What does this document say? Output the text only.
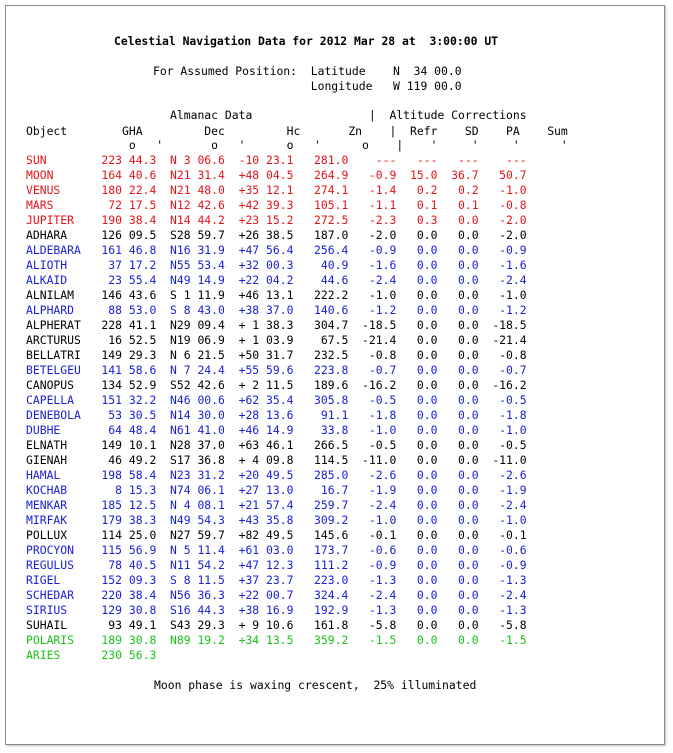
Celestial Navigation Data for 2012 Mar 28 at  3:00:00 UT
For Assumed Position:  Latitude    N  34 00.0
Longitude   W 119 00.0
Almanac Data                 |  Altitude Corrections
Object        GHA         Dec         Hc       Zn    |  Refr    SD    PA    Sum
o   '       o   '      o   '      o    |    '     '     '      '
SUN        223 44.3  N 3 06.6  -10 23.1   281.0    ---   ---   ---    ---
MOON       164 40.6  N21 31.4  +48 04.5   264.9   -0.9  15.0  36.7   50.7
VENUS      180 22.4  N21 48.0  +35 12.1   274.1   -1.4   0.2   0.2   -1.0
MARS        72 17.5  N12 42.6  +42 39.3   105.1   -1.1   0.1   0.1   -0.8
JUPITER    190 38.4  N14 44.2  +23 15.2   272.5   -2.3   0.3   0.0   -2.0
ADHARA     126 09.5  S28 59.7  +26 38.5   187.0   -2.0   0.0   0.0   -2.0
ALDEBARA   161 46.8  N16 31.9  +47 56.4   256.4   -0.9   0.0   0.0   -0.9
ALIOTH      37 17.2  N55 53.4  +32 00.3    40.9   -1.6   0.0   0.0   -1.6
ALKAID      23 55.4  N49 14.9  +22 04.2    44.6   -2.4   0.0   0.0   -2.4
ALNILAM    146 43.6  S 1 11.9  +46 13.1   222.2   -1.0   0.0   0.0   -1.0
ALPHARD     88 53.0  S 8 43.0  +38 37.0   140.6   -1.2   0.0   0.0   -1.2
ALPHERAT   228 41.1  N29 09.4  + 1 38.3   304.7  -18.5   0.0   0.0  -18.5
ARCTURUS    16 52.5  N19 06.9  + 1 03.9    67.5  -21.4   0.0   0.0  -21.4
BELLATRI   149 29.3  N 6 21.5  +50 31.7   232.5   -0.8   0.0   0.0   -0.8
BETELGEU   141 58.6  N 7 24.4  +55 59.6   223.8   -0.7   0.0   0.0   -0.7
CANOPUS    134 52.9  S52 42.6  + 2 11.5   189.6  -16.2   0.0   0.0  -16.2
CAPELLA    151 32.2  N46 00.6  +62 35.4   305.8   -0.5   0.0   0.0   -0.5
DENEBOLA    53 30.5  N14 30.0  +28 13.6    91.1   -1.8   0.0   0.0   -1.8
DUBHE       64 48.4  N61 41.0  +46 14.9    33.8   -1.0   0.0   0.0   -1.0
ELNATH     149 10.1  N28 37.0  +63 46.1   266.5   -0.5   0.0   0.0   -0.5
GIENAH      46 49.2  S17 36.8  + 4 09.8   114.5  -11.0   0.0   0.0  -11.0
HAMAL      198 58.4  N23 31.2  +20 49.5   285.0   -2.6   0.0   0.0   -2.6
KOCHAB       8 15.3  N74 06.1  +27 13.0    16.7   -1.9   0.0   0.0   -1.9
MENKAR     185 12.5  N 4 08.1  +21 57.4   259.7   -2.4   0.0   0.0   -2.4
MIRFAK     179 38.3  N49 54.3  +43 35.8   309.2   -1.0   0.0   0.0   -1.0
POLLUX     114 25.0  N27 59.7  +82 49.5   145.6   -0.1   0.0   0.0   -0.1
PROCYON    115 56.9  N 5 11.4  +61 03.0   173.7   -0.6   0.0   0.0   -0.6
REGULUS     78 40.5  N11 54.2  +47 12.3   111.2   -0.9   0.0   0.0   -0.9
RIGEL      152 09.3  S 8 11.5  +37 23.7   223.0   -1.3   0.0   0.0   -1.3
SCHEDAR    220 38.4  N56 36.3  +22 00.7   324.4   -2.4   0.0   0.0   -2.4
SIRIUS     129 30.8  S16 44.3  +38 16.9   192.9   -1.3   0.0   0.0   -1.3
SUHAIL      93 49.1  S43 29.3  + 9 10.6   161.8   -5.8   0.0   0.0   -5.8
POLARIS    189 30.8  N89 19.2  +34 13.5   359.2   -1.5   0.0   0.0   -1.5
ARIES      230 56.3
Moon phase is waxing crescent,  25% illuminated
